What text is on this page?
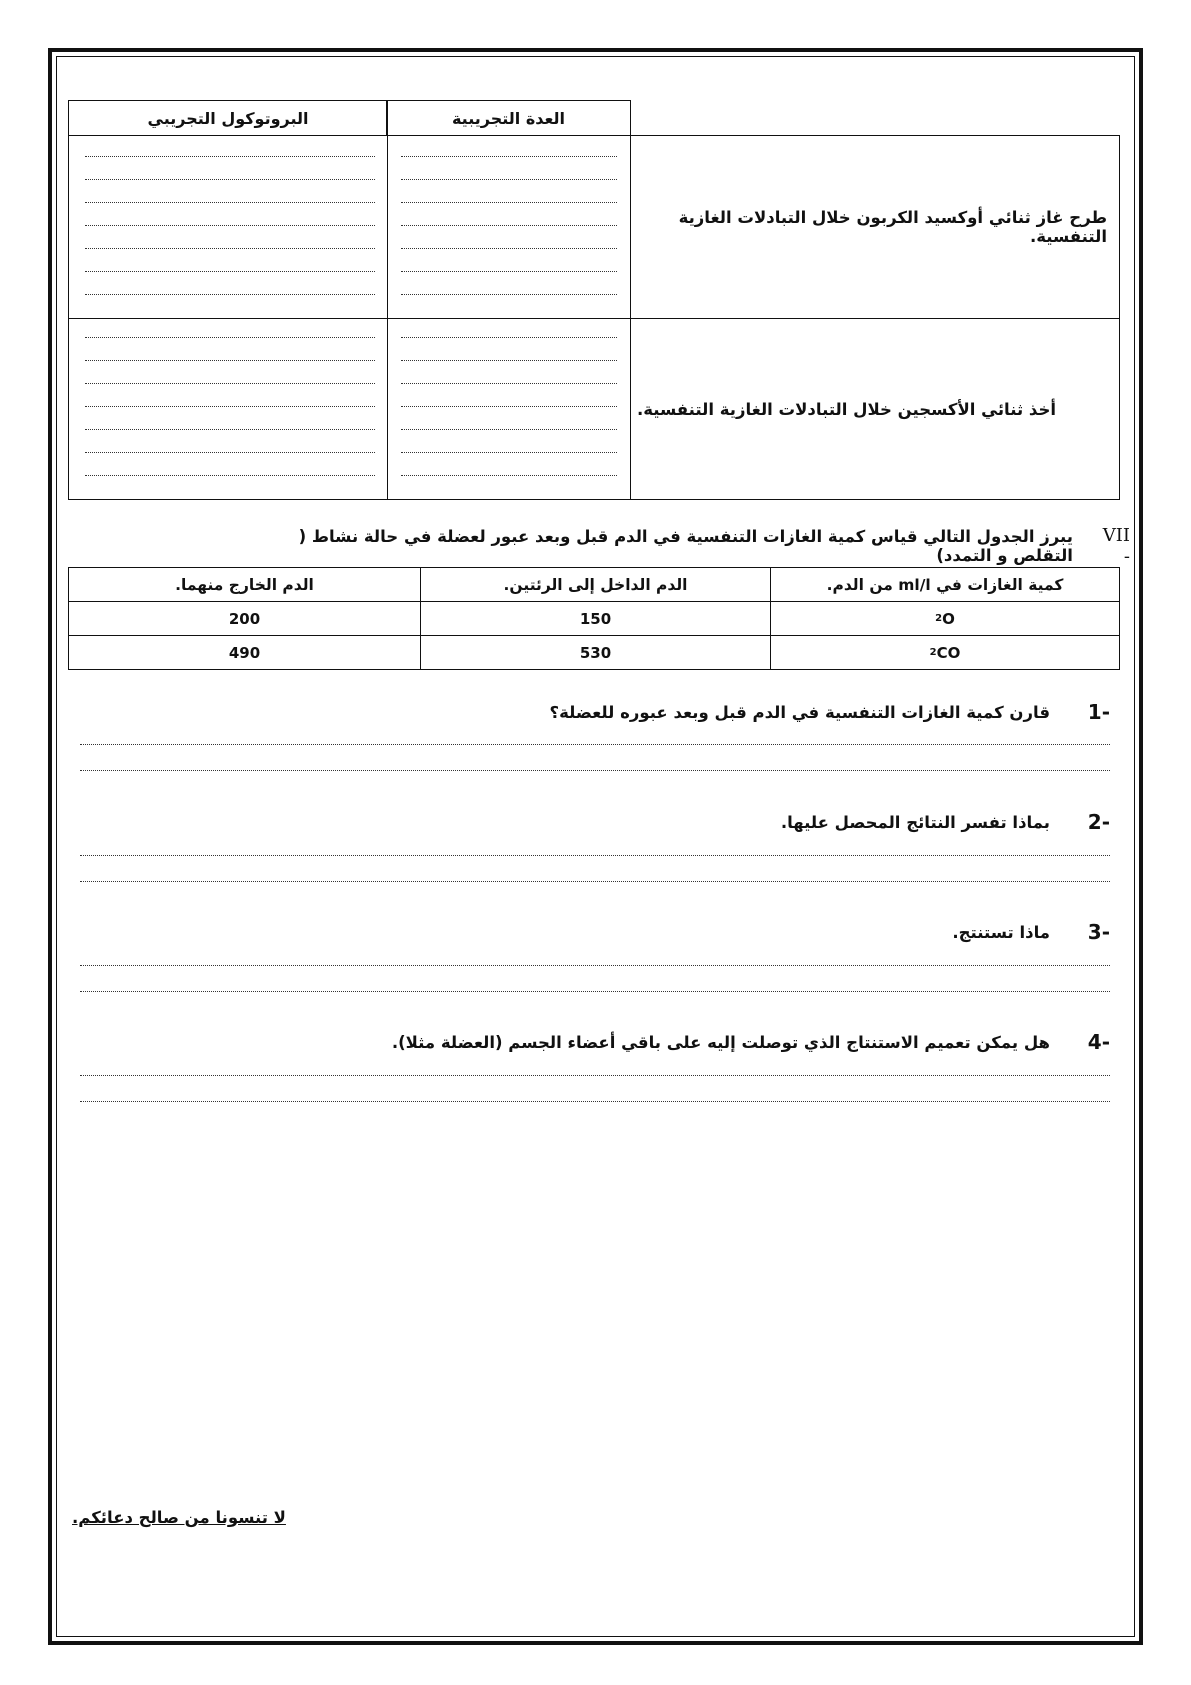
البروتوكول التجريبي	العدة التجريبية
طرح غاز ثنائي أوكسيد الكربون خلال التبادلات الغازية التنفسية.
أخذ ثنائي الأكسجين خلال التبادلات الغازية التنفسية.
VII -
يبرز الجدول التالي قياس كمية الغازات التنفسية في الدم قبل وبعد عبور لعضلة في حالة نشاط ( التقلص و التمدد)
كمية الغازات في ml/l من الدم.
الدم الداخل إلى الرئتين.
الدم الخارج منهما.
O
2
150
200
CO
2
530
490
-1
قارن كمية الغازات التنفسية في الدم قبل وبعد عبوره للعضلة؟
-2
بماذا تفسر النتائج المحصل عليها.
-3
ماذا تستنتج.
-4
هل يمكن تعميم الاستنتاج الذي توصلت إليه على باقي أعضاء الجسم (العضلة مثلا).
لا تنسونا من صالح دعائكم.
